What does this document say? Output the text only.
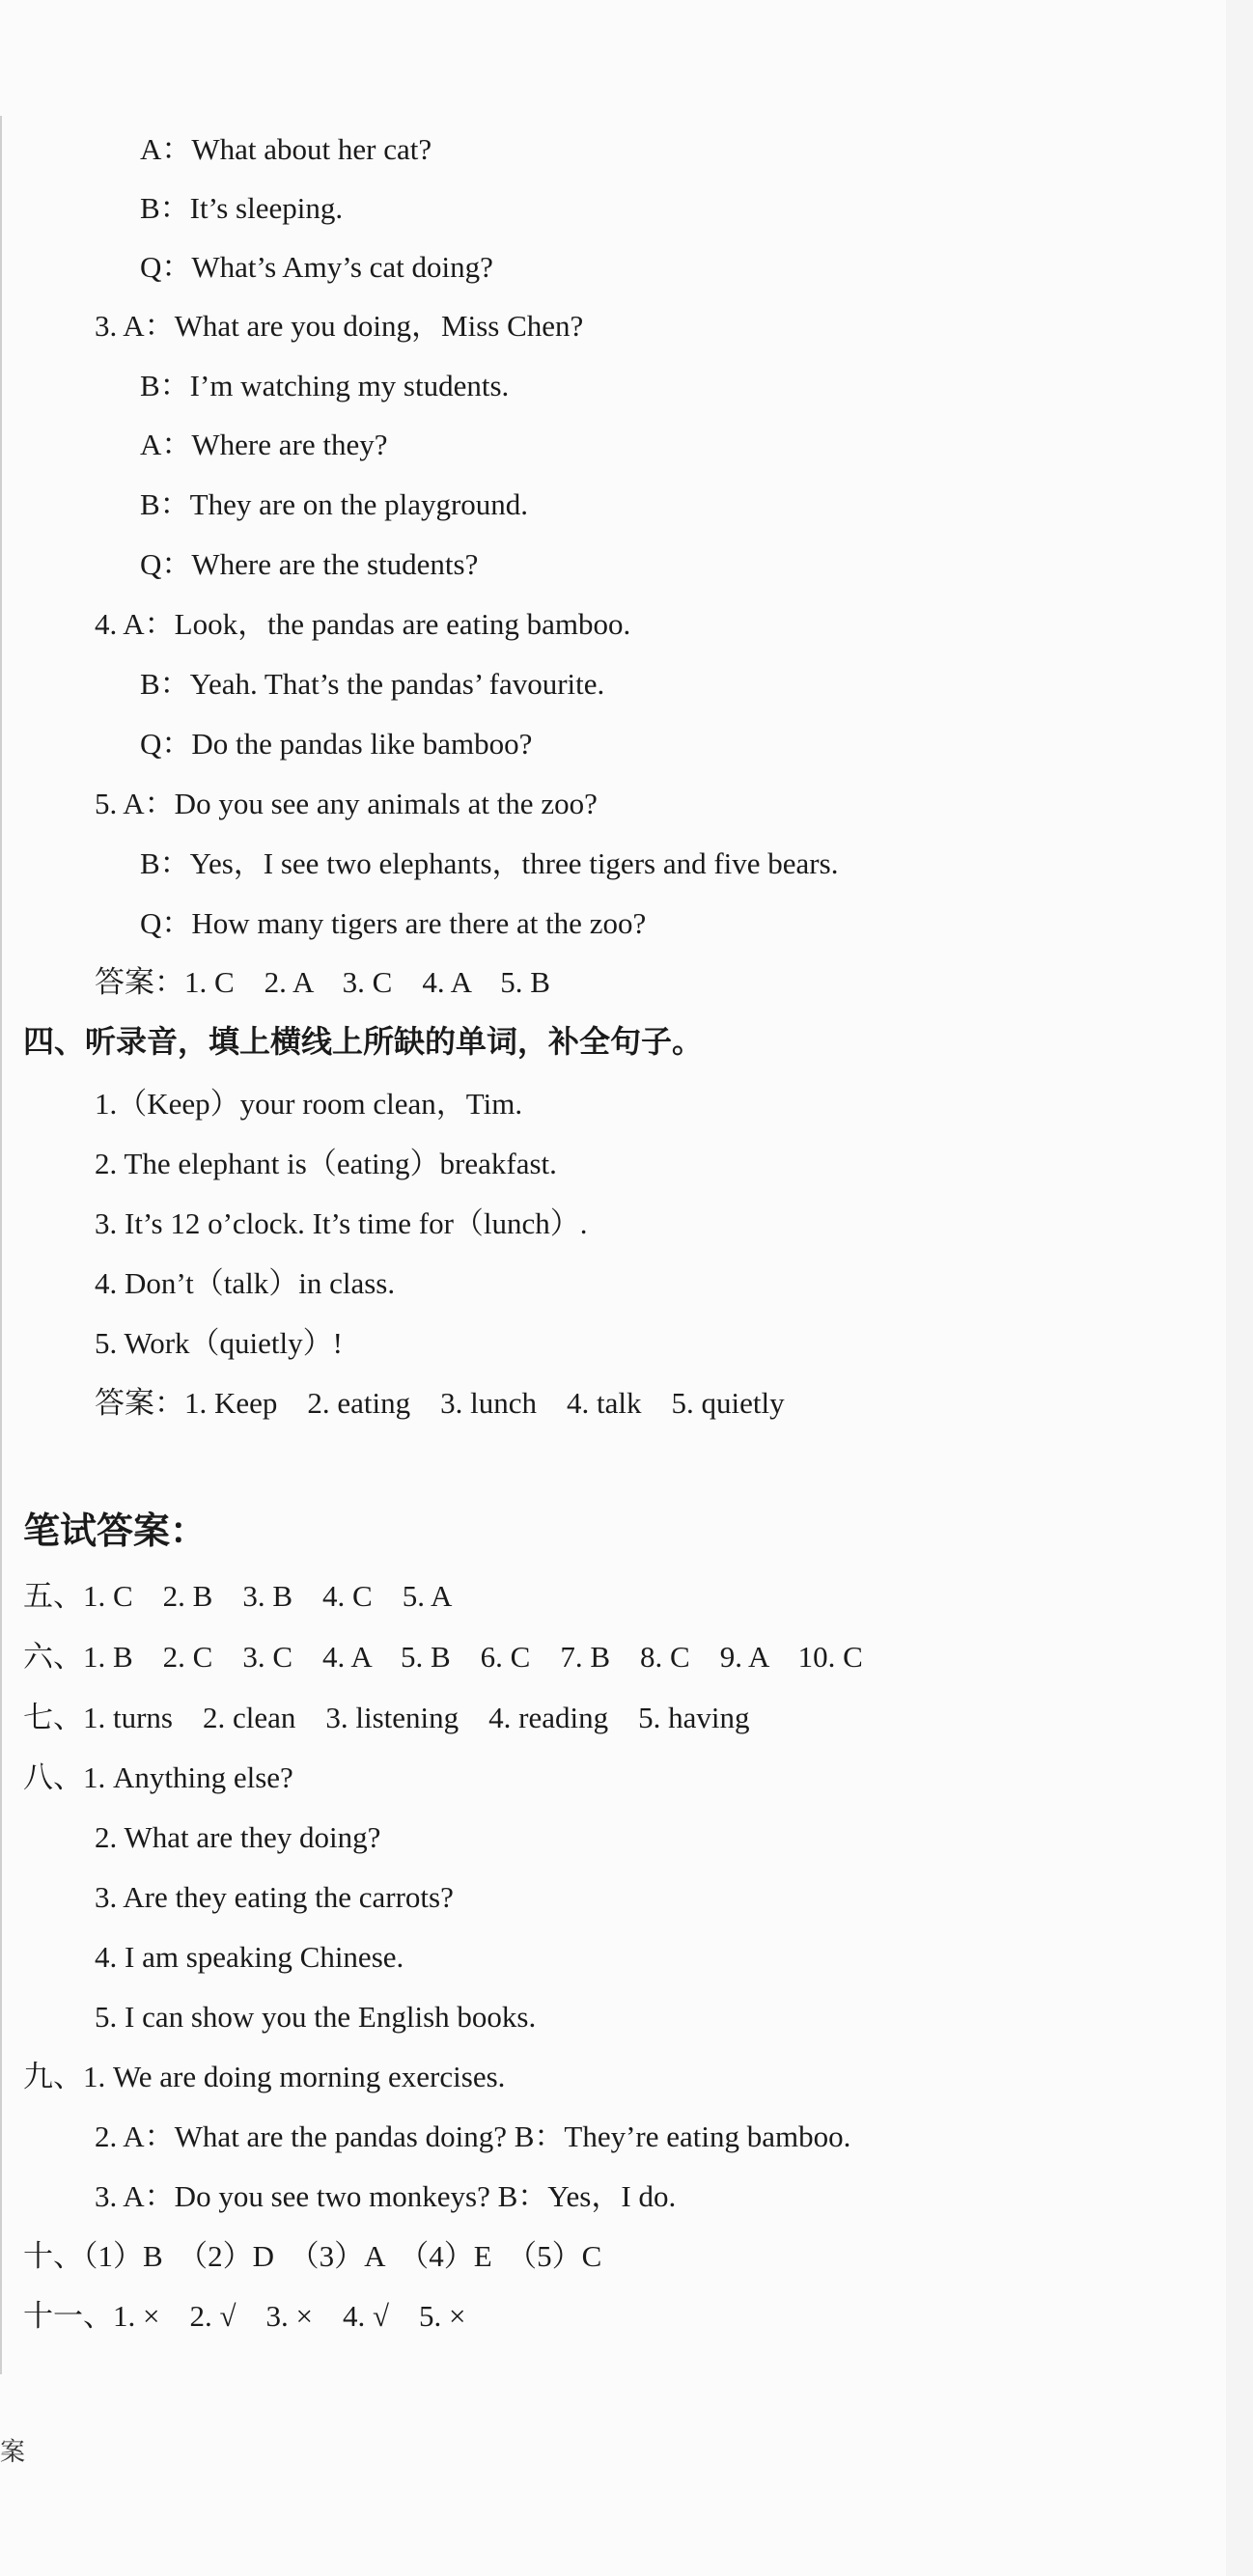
A：What about her cat?
B：It’s sleeping.
Q：What’s Amy’s cat doing?
3. A：What are you doing，Miss Chen?
B：I’m watching my students.
A：Where are they?
B：They are on the playground.
Q：Where are the students?
4. A：Look，the pandas are eating bamboo.
B：Yeah. That’s the pandas’ favourite.
Q：Do the pandas like bamboo?
5. A：Do you see any animals at the zoo?
B：Yes，I see two elephants，three tigers and five bears.
Q：How many tigers are there at the zoo?
答案：1. C　2. A　3. C　4. A　5. B
四、听录音，填上横线上所缺的单词，补全句子。
1.（Keep）your room clean，Tim.
2. The elephant is（eating）breakfast.
3. It’s 12 o’clock. It’s time for（lunch）.
4. Don’t（talk）in class.
5. Work（quietly）!
答案：1. Keep　2. eating　3. lunch　4. talk　5. quietly
笔试答案：
五、1. C　2. B　3. B　4. C　5. A
六、1. B　2. C　3. C　4. A　5. B　6. C　7. B　8. C　9. A　10. C
七、1. turns　2. clean　3. listening　4. reading　5. having
八、1. Anything else?
2. What are they doing?
3. Are they eating the carrots?
4. I am speaking Chinese.
5. I can show you the English books.
九、1. We are doing morning exercises.
2. A：What are the pandas doing? B：They’re eating bamboo.
3. A：Do you see two monkeys? B：Yes，I do.
十、（1）B　（2）D　（3）A　（4）E　（5）C
十一、1. ×　2. √　3. ×　4. √　5. ×
案
